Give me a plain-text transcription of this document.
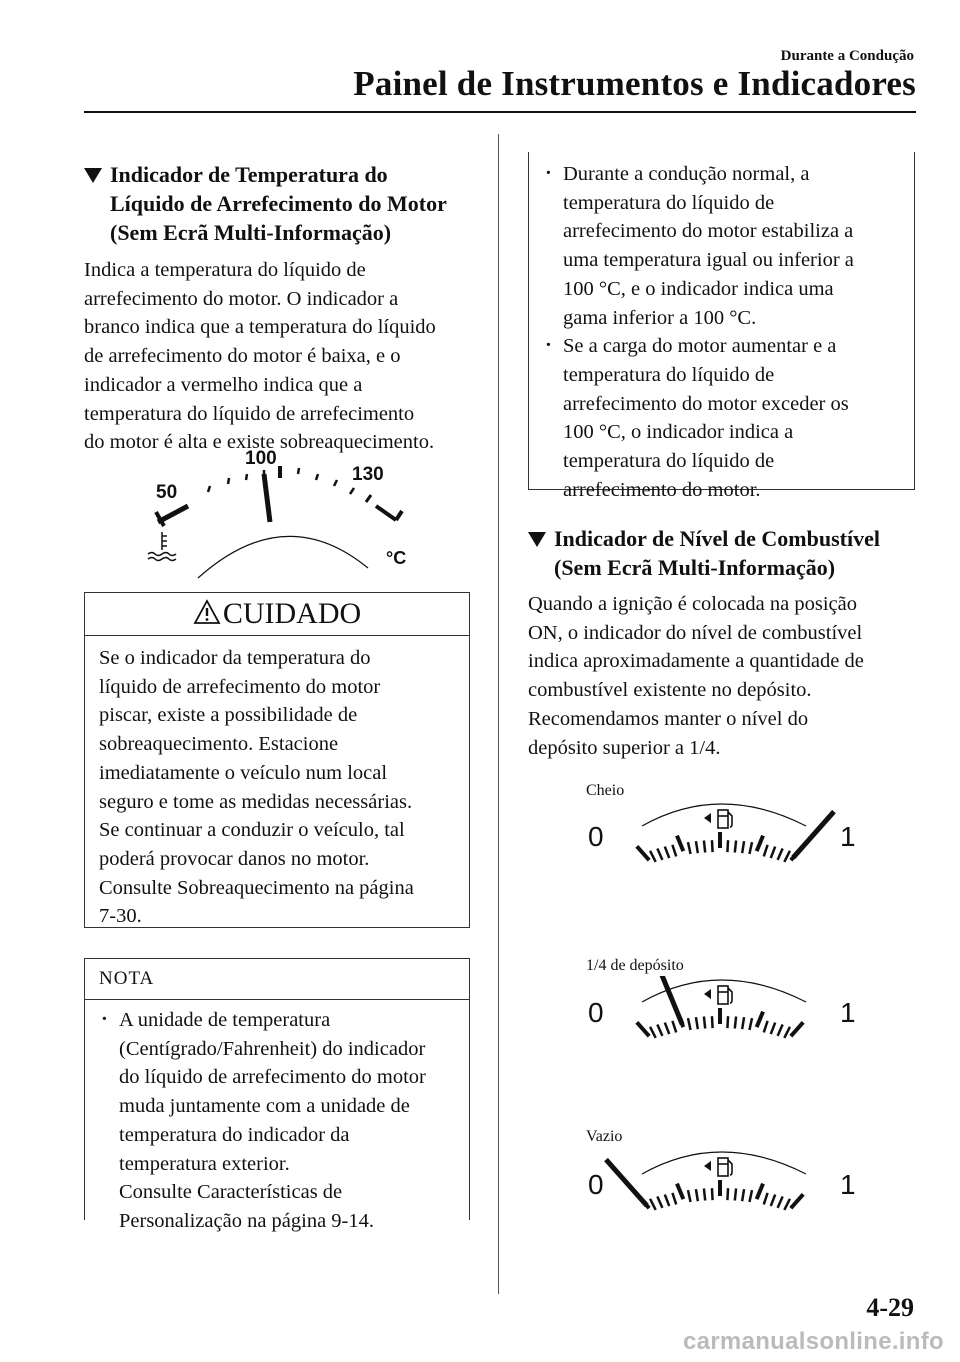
Durante a Condução
Painel de Instrumentos e Indicadores
Indicador de Temperatura do
Líquido de Arrefecimento do Motor
(Sem Ecrã Multi-Informação)
Indica a temperatura do líquido de
arrefecimento do motor. O indicador a
branco indica que a temperatura do líquido
de arrefecimento do motor é baixa, e o
indicador a vermelho indica que a
temperatura do líquido de arrefecimento
do motor é alta e existe sobreaquecimento.
50
100
130
°C
CUIDADO
Se o indicador da temperatura do
líquido de arrefecimento do motor
piscar, existe a possibilidade de
sobreaquecimento. Estacione
imediatamente o veículo num local
seguro e tome as medidas necessárias.
Se continuar a conduzir o veículo, tal
poderá provocar danos no motor.
Consulte Sobreaquecimento na página
7-30.
NOTA
· A unidade de temperatura
(Centígrado/Fahrenheit) do indicador
do líquido de arrefecimento do motor
muda juntamente com a unidade de
temperatura do indicador da
temperatura exterior.
Consulte Características de
Personalização na página 9-14.
· Durante a condução normal, a
temperatura do líquido de
arrefecimento do motor estabiliza a
uma temperatura igual ou inferior a
100 °C, e o indicador indica uma
gama inferior a 100 °C.
· Se a carga do motor aumentar e a
temperatura do líquido de
arrefecimento do motor exceder os
100 °C, o indicador indica a
temperatura do líquido de
arrefecimento do motor.
Indicador de Nível de Combustível
(Sem Ecrã Multi-Informação)
Quando a ignição é colocada na posição
ON, o indicador do nível de combustível
indica aproximadamente a quantidade de
combustível existente no depósito.
Recomendamos manter o nível do
depósito superior a 1/4.
Cheio
0	1
1/4 de depósito
0	1
Vazio
0	1
4-29
carmanualsonline.info
